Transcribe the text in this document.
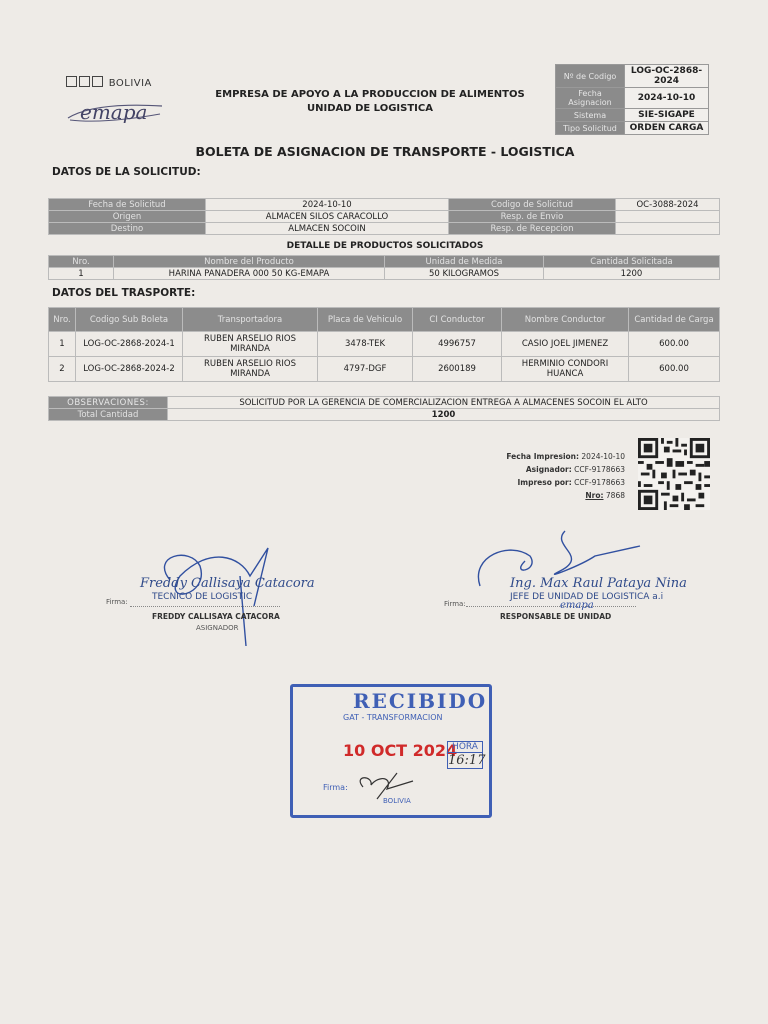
BOLIVIA
emapa
EMPRESA DE APOYO A LA PRODUCCION DE ALIMENTOS
UNIDAD DE LOGISTICA
Nº de Codigo	LOG-OC-2868-2024
Fecha Asignacion	2024-10-10
Sistema	SIE-SIGAPE
Tipo Solicitud	ORDEN CARGA
BOLETA DE ASIGNACION DE TRANSPORTE - LOGISTICA
DATOS DE LA SOLICITUD:
Fecha de Solicitud	2024-10-10	Codigo de Solicitud	OC-3088-2024
Origen	ALMACEN SILOS CARACOLLO	Resp. de Envio	
Destino	ALMACEN SOCOIN	Resp. de Recepcion	
DETALLE DE PRODUCTOS SOLICITADOS
Nro.	Nombre del Producto	Unidad de Medida	Cantidad Solicitada
1	HARINA PANADERA 000 50 KG-EMAPA	50 KILOGRAMOS	1200
DATOS DEL TRASPORTE:
Nro.	Codigo Sub Boleta	Transportadora	Placa de Vehiculo	CI Conductor	Nombre Conductor	Cantidad de Carga
1	LOG-OC-2868-2024-1	RUBEN ARSELIO RIOS MIRANDA	3478-TEK	4996757	CASIO JOEL JIMENEZ	600.00
2	LOG-OC-2868-2024-2	RUBEN ARSELIO RIOS MIRANDA	4797-DGF	2600189	HERMINIO CONDORI HUANCA	600.00
OBSERVACIONES:	SOLICITUD POR LA GERENCIA DE COMERCIALIZACION ENTREGA A ALMACENES SOCOIN EL ALTO
Total Cantidad	1200
Fecha Impresion: 2024-10-10
Asignador: CCF-9178663
Impreso por: CCF-9178663
Nro: 7868
Freddy Callisaya Catacora
TECNICO DE LOGISTIC
Firma:
FREDDY CALLISAYA CATACORA
ASIGNADOR
Ing. Max Raul Pataya Nina
JEFE DE UNIDAD DE LOGISTICA a.i
Firma:	emapa
RESPONSABLE DE UNIDAD
RECIBIDO
GAT - TRANSFORMACION
10 OCT 2024
HORA
16:17
Firma:
BOLIVIA
